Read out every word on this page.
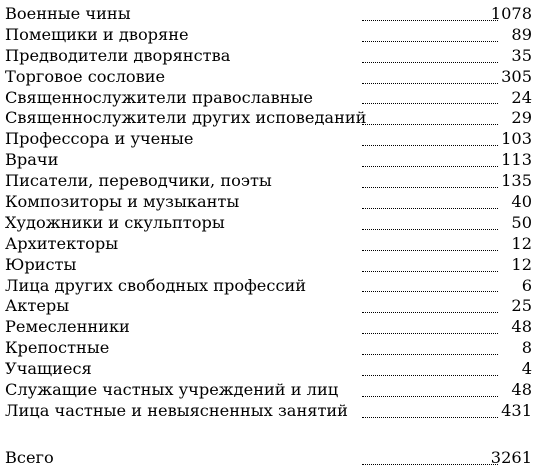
Военные чины	1078
Помещики и дворяне	89
Предводители дворянства	35
Торговое сословие	305
Священнослужители православные	24
Священнослужители других исповеданий	29
Профессора и ученые	103
Врачи	113
Писатели, переводчики, поэты	135
Композиторы и музыканты	40
Художники и скульпторы	50
Архитекторы	12
Юристы	12
Лица других свободных профессий	6
Актеры	25
Ремесленники	48
Крепостные	8
Учащиеся	4
Служащие частных учреждений и лиц	48
Лица частные и невыясненных занятий	431
Всего	3261
